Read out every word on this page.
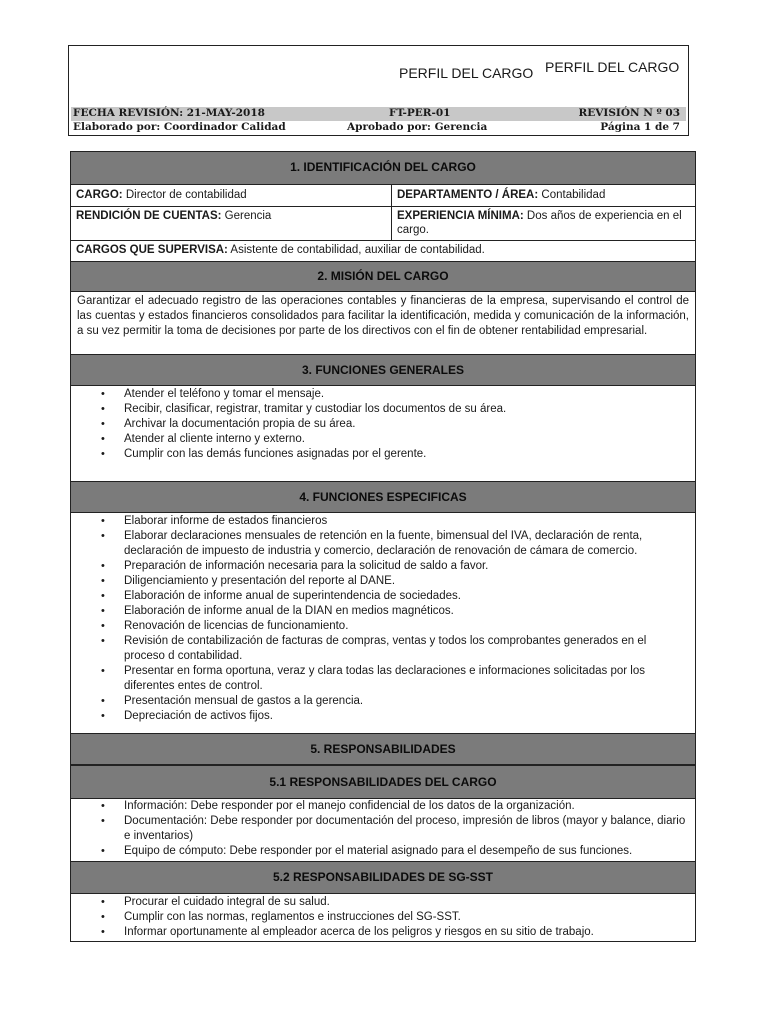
PERFIL DEL CARGO PERFIL DEL CARGO
FECHA REVISIÓN: 21-MAY-2018	FT-PER-01	REVISIÓN N º 03
Elaborado por: Coordinador Calidad	Aprobado por: Gerencia	Página 1 de 7
1. IDENTIFICACIÓN DEL CARGO
CARGO: Director de contabilidad	DEPARTAMENTO / ÁREA: Contabilidad
RENDICIÓN DE CUENTAS: Gerencia	EXPERIENCIA MÍNIMA: Dos años de experiencia en el cargo.
CARGOS QUE SUPERVISA: Asistente de contabilidad, auxiliar de contabilidad.
2. MISIÓN DEL CARGO
Garantizar el adecuado registro de las operaciones contables y financieras de la empresa, supervisando el control de las cuentas y estados financieros consolidados para facilitar la identificación, medida y comunicación de la información, a su vez permitir la toma de decisiones por parte de los directivos con el fin de obtener rentabilidad empresarial.
3. FUNCIONES GENERALES
• Atender el teléfono y tomar el mensaje.
• Recibir, clasificar, registrar, tramitar y custodiar los documentos de su área.
• Archivar la documentación propia de su área.
• Atender al cliente interno y externo.
• Cumplir con las demás funciones asignadas por el gerente.
4. FUNCIONES ESPECIFICAS
• Elaborar informe de estados financieros
• Elaborar declaraciones mensuales de retención en la fuente, bimensual del IVA, declaración de renta, declaración de impuesto de industria y comercio, declaración de renovación de cámara de comercio.
• Preparación de información necesaria para la solicitud de saldo a favor.
• Diligenciamiento y presentación del reporte al DANE.
• Elaboración de informe anual de superintendencia de sociedades.
• Elaboración de informe anual de la DIAN en medios magnéticos.
• Renovación de licencias de funcionamiento.
• Revisión de contabilización de facturas de compras, ventas y todos los comprobantes generados en el proceso d contabilidad.
• Presentar en forma oportuna, veraz y clara todas las declaraciones e informaciones solicitadas por los diferentes entes de control.
• Presentación mensual de gastos a la gerencia.
• Depreciación de activos fijos.
5. RESPONSABILIDADES
5.1 RESPONSABILIDADES DEL CARGO
• Información: Debe responder por el manejo confidencial de los datos de la organización.
• Documentación: Debe responder por documentación del proceso, impresión de libros (mayor y balance, diario e inventarios)
• Equipo de cómputo: Debe responder por el material asignado para el desempeño de sus funciones.
5.2 RESPONSABILIDADES DE SG-SST
• Procurar el cuidado integral de su salud.
• Cumplir con las normas, reglamentos e instrucciones del SG-SST.
• Informar oportunamente al empleador acerca de los peligros y riesgos en su sitio de trabajo.
